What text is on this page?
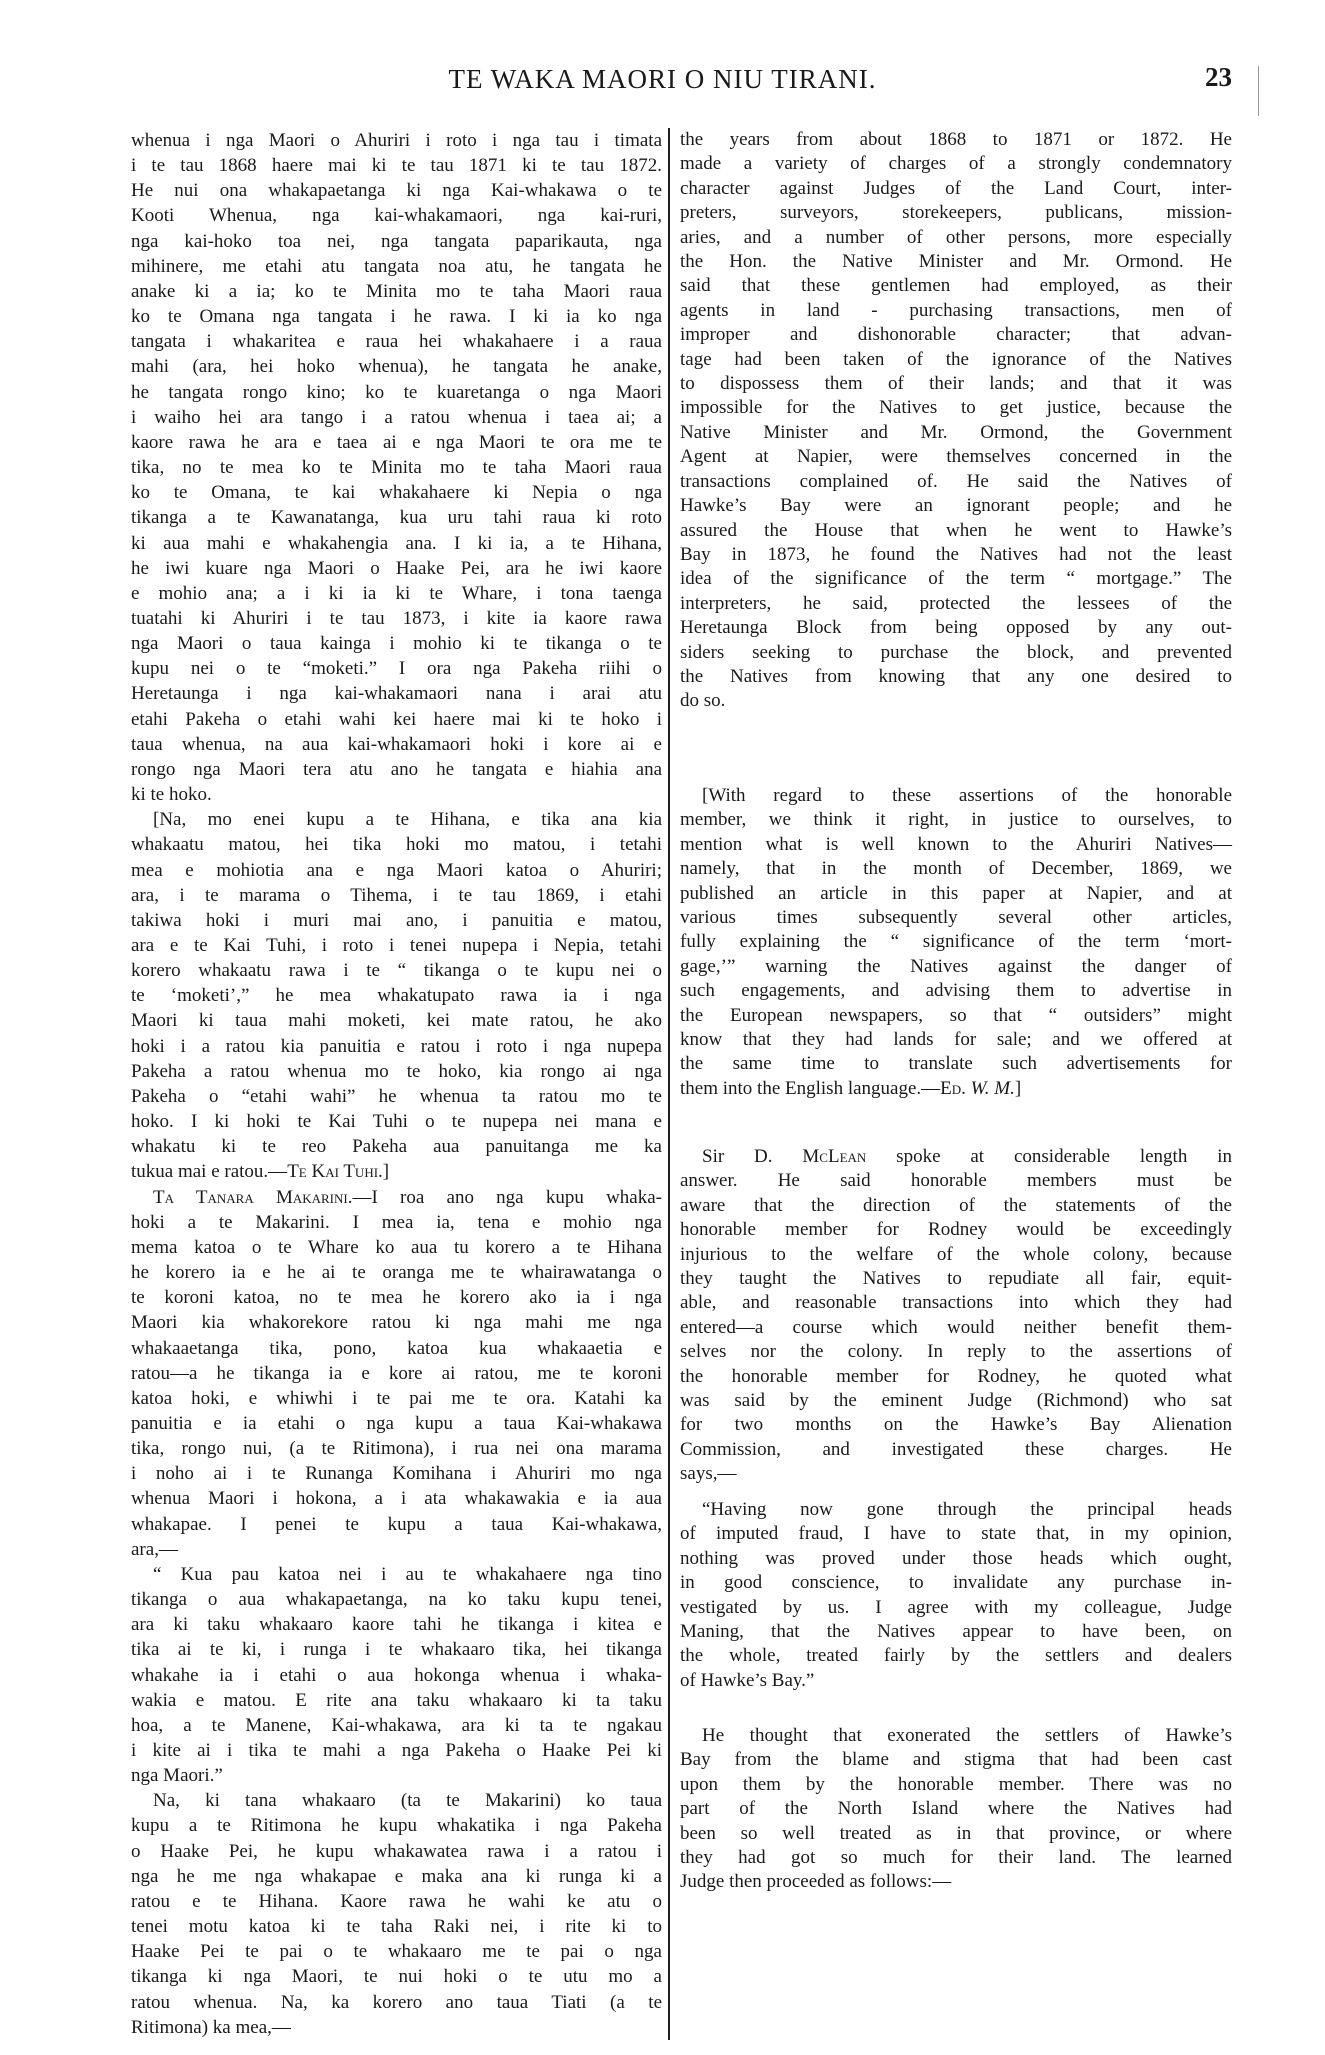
TE WAKA MAORI O NIU TIRANI.	23
whenua i nga Maori o Ahuriri i roto i nga tau i timata
i te tau 1868 haere mai ki te tau 1871 ki te tau 1872.
He nui ona whakapaetanga ki nga Kai-whakawa o te
Kooti Whenua, nga kai-whakamaori, nga kai-ruri,
nga kai-hoko toa nei, nga tangata paparikauta, nga
mihinere, me etahi atu tangata noa atu, he tangata he
anake ki a ia; ko te Minita mo te taha Maori raua
ko te Omana nga tangata i he rawa. I ki ia ko nga
tangata i whakaritea e raua hei whakahaere i a raua
mahi (ara, hei hoko whenua), he tangata he anake,
he tangata rongo kino; ko te kuaretanga o nga Maori
i waiho hei ara tango i a ratou whenua i taea ai; a
kaore rawa he ara e taea ai e nga Maori te ora me te
tika, no te mea ko te Minita mo te taha Maori raua
ko te Omana, te kai whakahaere ki Nepia o nga
tikanga a te Kawanatanga, kua uru tahi raua ki roto
ki aua mahi e whakahengia ana. I ki ia, a te Hihana,
he iwi kuare nga Maori o Haake Pei, ara he iwi kaore
e mohio ana; a i ki ia ki te Whare, i tona taenga
tuatahi ki Ahuriri i te tau 1873, i kite ia kaore rawa
nga Maori o taua kainga i mohio ki te tikanga o te
kupu nei o te “moketi.” I ora nga Pakeha riihi o
Heretaunga i nga kai-whakamaori nana i arai atu
etahi Pakeha o etahi wahi kei haere mai ki te hoko i
taua whenua, na aua kai-whakamaori hoki i kore ai e
rongo nga Maori tera atu ano he tangata e hiahia ana
ki te hoko.
[Na, mo enei kupu a te Hihana, e tika ana kia
whakaatu matou, hei tika hoki mo matou, i tetahi
mea e mohiotia ana e nga Maori katoa o Ahuriri;
ara, i te marama o Tihema, i te tau 1869, i etahi
takiwa hoki i muri mai ano, i panuitia e matou,
ara e te Kai Tuhi, i roto i tenei nupepa i Nepia, tetahi
korero whakaatu rawa i te “ tikanga o te kupu nei o
te ‘moketi’,” he mea whakatupato rawa ia i nga
Maori ki taua mahi moketi, kei mate ratou, he ako
hoki i a ratou kia panuitia e ratou i roto i nga nupepa
Pakeha a ratou whenua mo te hoko, kia rongo ai nga
Pakeha o “etahi wahi” he whenua ta ratou mo te
hoko. I ki hoki te Kai Tuhi o te nupepa nei mana e
whakatu ki te reo Pakeha aua panuitanga me ka
tukua mai e ratou.—Te Kai Tuhi.]
Ta Tanara Makarini.—I roa ano nga kupu whaka-
hoki a te Makarini. I mea ia, tena e mohio nga
mema katoa o te Whare ko aua tu korero a te Hihana
he korero ia e he ai te oranga me te whairawatanga o
te koroni katoa, no te mea he korero ako ia i nga
Maori kia whakorekore ratou ki nga mahi me nga
whakaaetanga tika, pono, katoa kua whakaaetia e
ratou—a he tikanga ia e kore ai ratou, me te koroni
katoa hoki, e whiwhi i te pai me te ora. Katahi ka
panuitia e ia etahi o nga kupu a taua Kai-whakawa
tika, rongo nui, (a te Ritimona), i rua nei ona marama
i noho ai i te Runanga Komihana i Ahuriri mo nga
whenua Maori i hokona, a i ata whakawakia e ia aua
whakapae. I penei te kupu a taua Kai-whakawa,
ara,—
“ Kua pau katoa nei i au te whakahaere nga tino
tikanga o aua whakapaetanga, na ko taku kupu tenei,
ara ki taku whakaaro kaore tahi he tikanga i kitea e
tika ai te ki, i runga i te whakaaro tika, hei tikanga
whakahe ia i etahi o aua hokonga whenua i whaka-
wakia e matou. E rite ana taku whakaaro ki ta taku
hoa, a te Manene, Kai-whakawa, ara ki ta te ngakau
i kite ai i tika te mahi a nga Pakeha o Haake Pei ki
nga Maori.”
Na, ki tana whakaaro (ta te Makarini) ko taua
kupu a te Ritimona he kupu whakatika i nga Pakeha
o Haake Pei, he kupu whakawatea rawa i a ratou i
nga he me nga whakapae e maka ana ki runga ki a
ratou e te Hihana. Kaore rawa he wahi ke atu o
tenei motu katoa ki te taha Raki nei, i rite ki to
Haake Pei te pai o te whakaaro me te pai o nga
tikanga ki nga Maori, te nui hoki o te utu mo a
ratou whenua. Na, ka korero ano taua Tiati (a te
Ritimona) ka mea,—
the years from about 1868 to 1871 or 1872. He
made a variety of charges of a strongly condemnatory
character against Judges of the Land Court, inter-
preters, surveyors, storekeepers, publicans, mission-
aries, and a number of other persons, more especially
the Hon. the Native Minister and Mr. Ormond. He
said that these gentlemen had employed, as their
agents in land - purchasing transactions, men of
improper and dishonorable character; that advan-
tage had been taken of the ignorance of the Natives
to dispossess them of their lands; and that it was
impossible for the Natives to get justice, because the
Native Minister and Mr. Ormond, the Government
Agent at Napier, were themselves concerned in the
transactions complained of. He said the Natives of
Hawke’s Bay were an ignorant people; and he
assured the House that when he went to Hawke’s
Bay in 1873, he found the Natives had not the least
idea of the significance of the term “ mortgage.” The
interpreters, he said, protected the lessees of the
Heretaunga Block from being opposed by any out-
siders seeking to purchase the block, and prevented
the Natives from knowing that any one desired to
do so.
[With regard to these assertions of the honorable
member, we think it right, in justice to ourselves, to
mention what is well known to the Ahuriri Natives—
namely, that in the month of December, 1869, we
published an article in this paper at Napier, and at
various times subsequently several other articles,
fully explaining the “ significance of the term ‘mort-
gage,’” warning the Natives against the danger of
such engagements, and advising them to advertise in
the European newspapers, so that “ outsiders” might
know that they had lands for sale; and we offered at
the same time to translate such advertisements for
them into the English language.—Ed. W. M.]
Sir D. McLean spoke at considerable length in
answer. He said honorable members must be
aware that the direction of the statements of the
honorable member for Rodney would be exceedingly
injurious to the welfare of the whole colony, because
they taught the Natives to repudiate all fair, equit-
able, and reasonable transactions into which they had
entered—a course which would neither benefit them-
selves nor the colony. In reply to the assertions of
the honorable member for Rodney, he quoted what
was said by the eminent Judge (Richmond) who sat
for two months on the Hawke’s Bay Alienation
Commission, and investigated these charges. He
says,—
“Having now gone through the principal heads
of imputed fraud, I have to state that, in my opinion,
nothing was proved under those heads which ought,
in good conscience, to invalidate any purchase in-
vestigated by us. I agree with my colleague, Judge
Maning, that the Natives appear to have been, on
the whole, treated fairly by the settlers and dealers
of Hawke’s Bay.”
He thought that exonerated the settlers of Hawke’s
Bay from the blame and stigma that had been cast
upon them by the honorable member. There was no
part of the North Island where the Natives had
been so well treated as in that province, or where
they had got so much for their land. The learned
Judge then proceeded as follows:—
